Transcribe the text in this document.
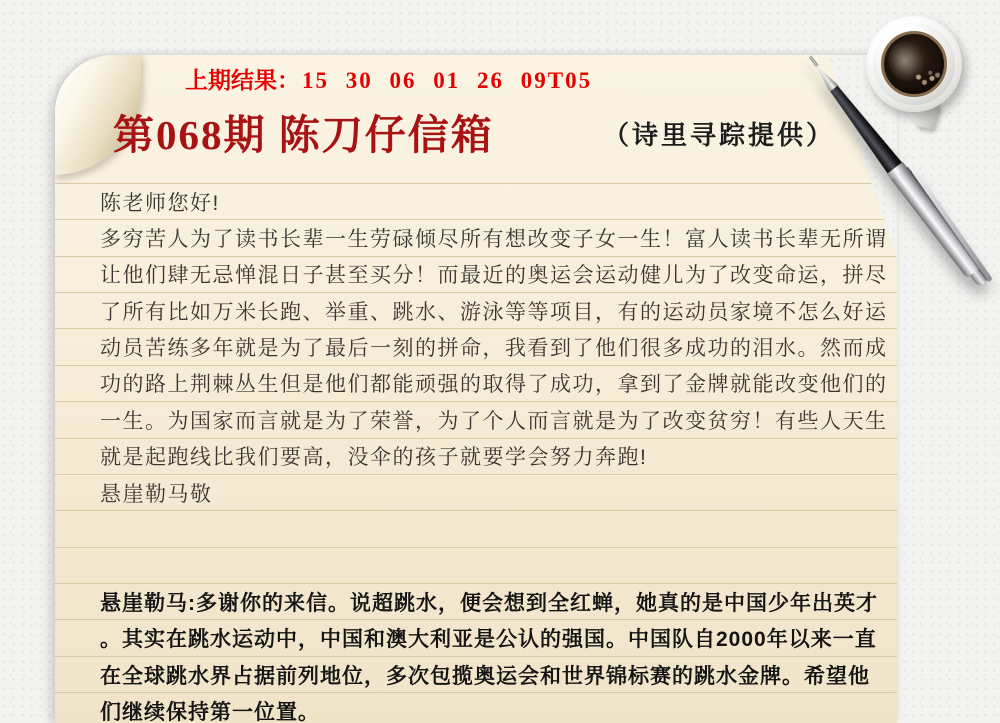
上期结果：15 30 06 01 26 09T05
第068期 陈刀仔信箱	（诗里寻踪提供）
陈老师您好!
多穷苦人为了读书长辈一生劳碌倾尽所有想改变子女一生！富人读书长辈无所谓
让他们肆无忌惮混日子甚至买分！而最近的奥运会运动健儿为了改变命运，拼尽
了所有比如万米长跑、举重、跳水、游泳等等项目，有的运动员家境不怎么好运
动员苦练多年就是为了最后一刻的拼命，我看到了他们很多成功的泪水。然而成
功的路上荆棘丛生但是他们都能顽强的取得了成功，拿到了金牌就能改变他们的
一生。为国家而言就是为了荣誉，为了个人而言就是为了改变贫穷！有些人天生
就是起跑线比我们要高，没伞的孩子就要学会努力奔跑!
悬崖勒马敬
悬崖勒马:多谢你的来信。说超跳水，便会想到全红蝉，她真的是中国少年出英才
。其实在跳水运动中，中国和澳大利亚是公认的强国。中国队自2000年以来一直
在全球跳水界占据前列地位，多次包揽奥运会和世界锦标赛的跳水金牌。希望他
们继续保持第一位置。
